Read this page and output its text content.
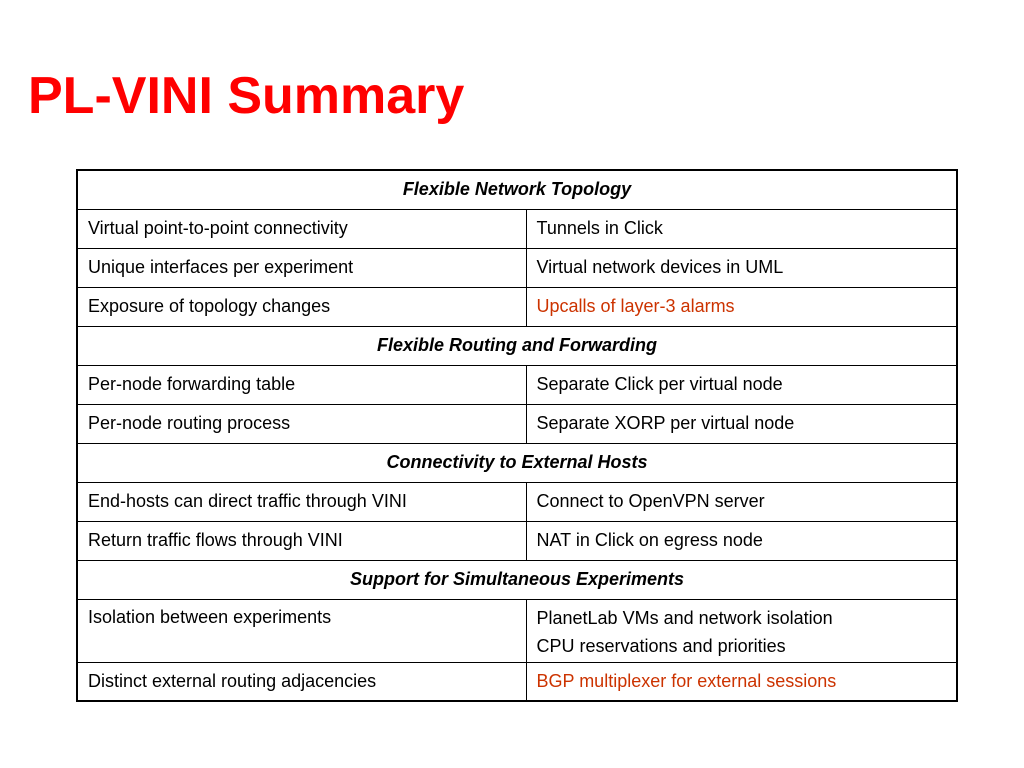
PL-VINI Summary
Flexible Network Topology	
Virtual point-to-point connectivity	Tunnels in Click
Unique interfaces per experiment	Virtual network devices in UML
Exposure of topology changes	Upcalls of layer-3 alarms
Flexible Routing and Forwarding	
Per-node forwarding table	Separate Click per virtual node
Per-node routing process	Separate XORP per virtual node
Connectivity to External Hosts	
End-hosts can direct traffic through VINI	Connect to OpenVPN server
Return traffic flows through VINI	NAT in Click on egress node
Support for Simultaneous Experiments	
Isolation between experiments	PlanetLab VMs and network isolation
CPU reservations and priorities

Distinct external routing adjacencies	BGP multiplexer for external sessions
